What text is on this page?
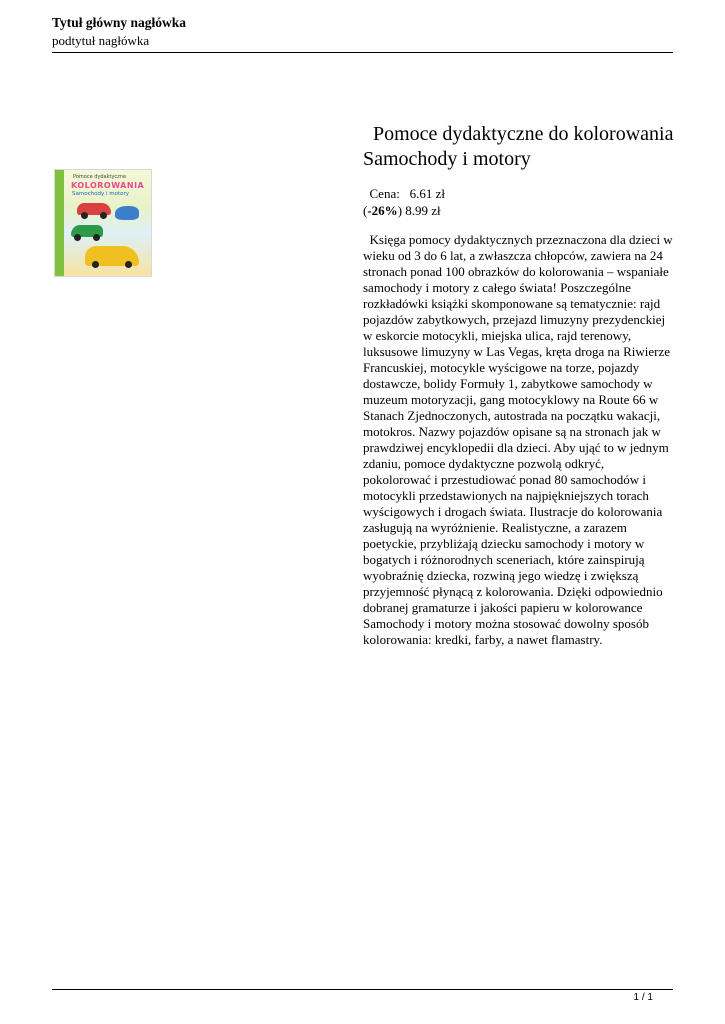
Tytuł główny nagłówka
podtytuł nagłówka
Pomoce dydaktyczne
KOLOROWANIA
Samochody i motory
Pomoce dydaktyczne do kolorowania Samochody i motory
Cena: 6.61 zł
(-26%) 8.99 zł
Księga pomocy dydaktycznych przeznaczona dla dzieci w wieku od 3 do 6 lat, a zwłaszcza chłopców, zawiera na 24 stronach ponad 100 obrazków do kolorowania – wspaniałe samochody i motory z całego świata! Poszczególne rozkładówki książki skomponowane są tematycznie: rajd pojazdów zabytkowych, przejazd limuzyny prezydenckiej w eskorcie motocykli, miejska ulica, rajd terenowy, luksusowe limuzyny w Las Vegas, kręta droga na Riwierze Francuskiej, motocykle wyścigowe na torze, pojazdy dostawcze, bolidy Formuły 1, zabytkowe samochody w muzeum motoryzacji, gang motocyklowy na Route 66 w Stanach Zjednoczonych, autostrada na początku wakacji, motokros. Nazwy pojazdów opisane są na stronach jak w prawdziwej encyklopedii dla dzieci. Aby ująć to w jednym zdaniu, pomoce dydaktyczne pozwolą odkryć, pokolorować i przestudiować ponad 80 samochodów i motocykli przedstawionych na najpiękniejszych torach wyścigowych i drogach świata. Ilustracje do kolorowania zasługują na wyróżnienie. Realistyczne, a zarazem poetyckie, przybliżają dziecku samochody i motory w bogatych i różnorodnych sceneriach, które zainspirują wyobraźnię dziecka, rozwiną jego wiedzę i zwiększą przyjemność płynącą z kolorowania. Dzięki odpowiednio dobranej gramaturze i jakości papieru w kolorowance Samochody i motory można stosować dowolny sposób kolorowania: kredki, farby, a nawet flamastry.
1 / 1
